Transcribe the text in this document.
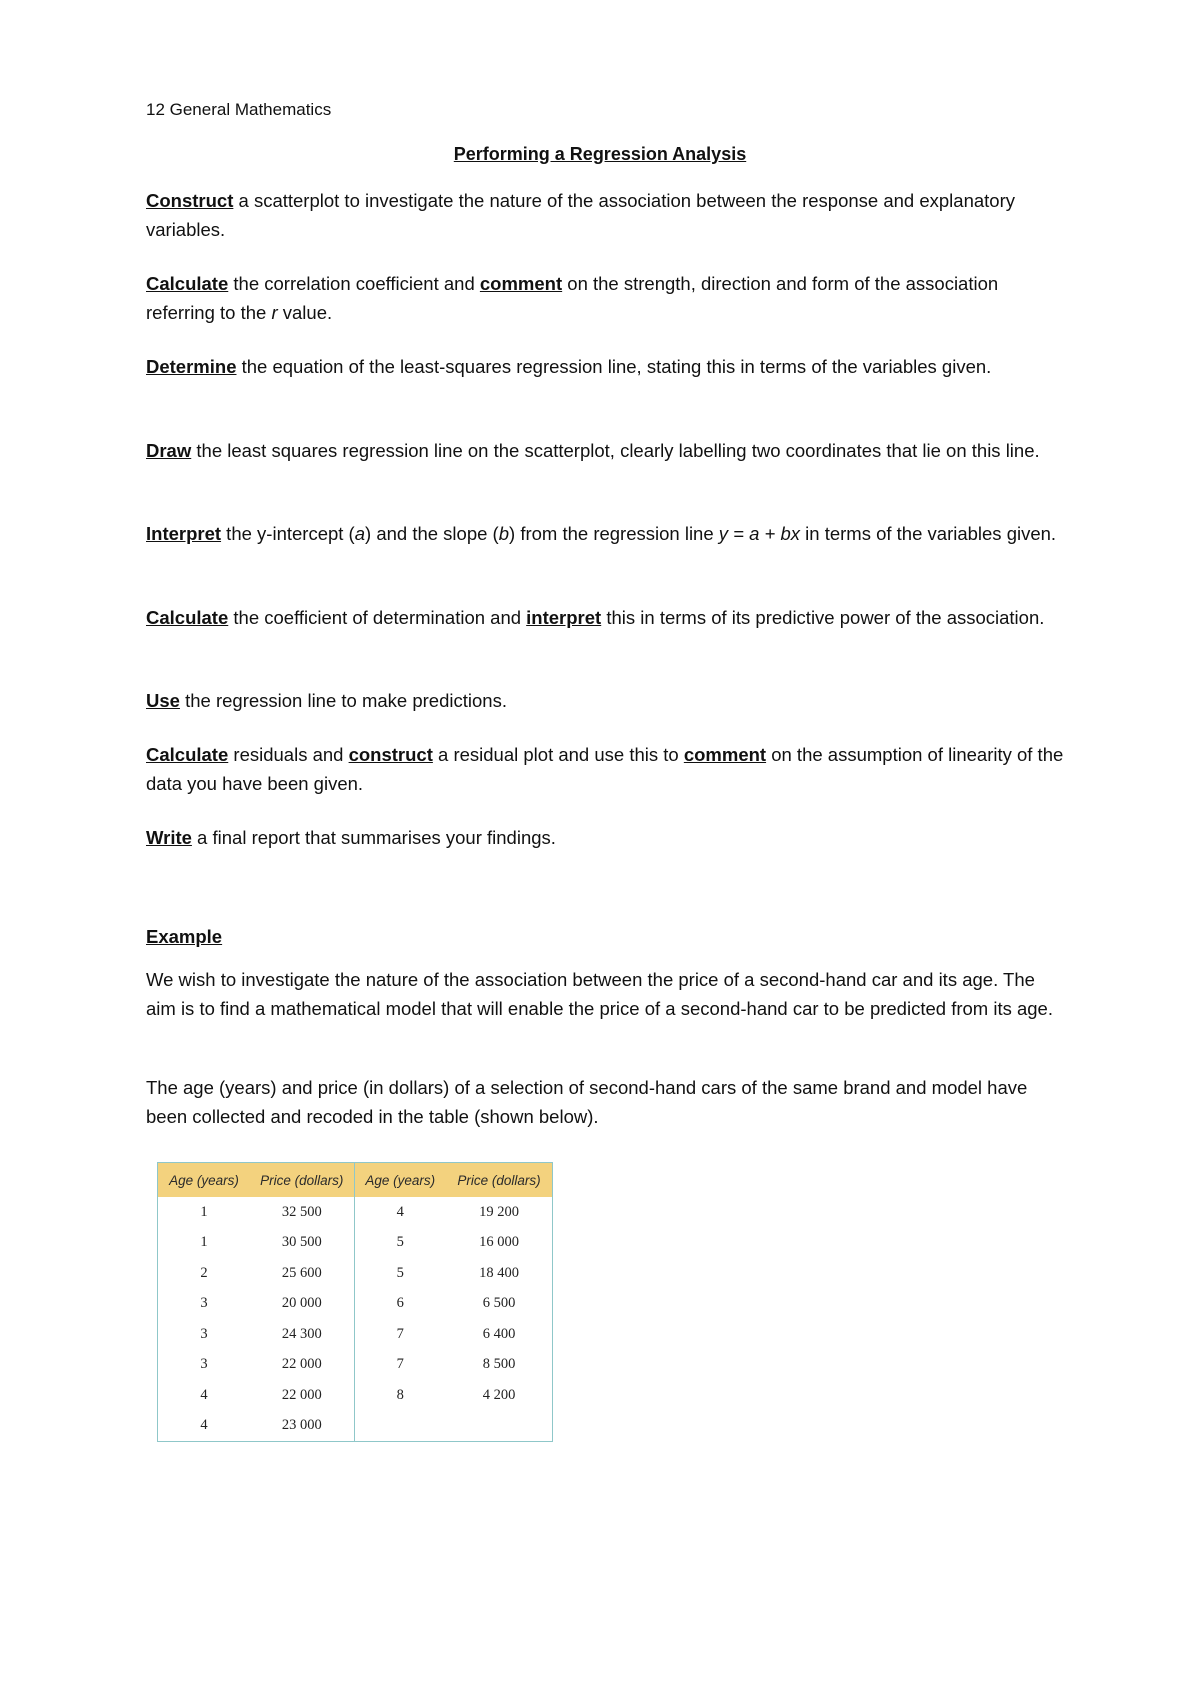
12 General Mathematics
Performing a Regression Analysis
Construct a scatterplot to investigate the nature of the association between the response and explanatory variables.
Calculate the correlation coefficient and comment on the strength, direction and form of the association referring to the r value.
Determine the equation of the least-squares regression line, stating this in terms of the variables given.
Draw the least squares regression line on the scatterplot, clearly labelling two coordinates that lie on this line.
Interpret the y-intercept (a) and the slope (b) from the regression line y = a + bx in terms of the variables given.
Calculate the coefficient of determination and interpret this in terms of its predictive power of the association.
Use the regression line to make predictions.
Calculate residuals and construct a residual plot and use this to comment on the assumption of linearity of the data you have been given.
Write a final report that summarises your findings.
Example
We wish to investigate the nature of the association between the price of a second-hand car and its age. The aim is to find a mathematical model that will enable the price of a second-hand car to be predicted from its age.
The age (years) and price (in dollars) of a selection of second-hand cars of the same brand and model have been collected and recoded in the table (shown below).
Age (years)	Price (dollars)	Age (years)	Price (dollars)
1	32 500	4	19 200
1	30 500	5	16 000
2	25 600	5	18 400
3	20 000	6	6 500
3	24 300	7	6 400
3	22 000	7	8 500
4	22 000	8	4 200
4	23 000		
